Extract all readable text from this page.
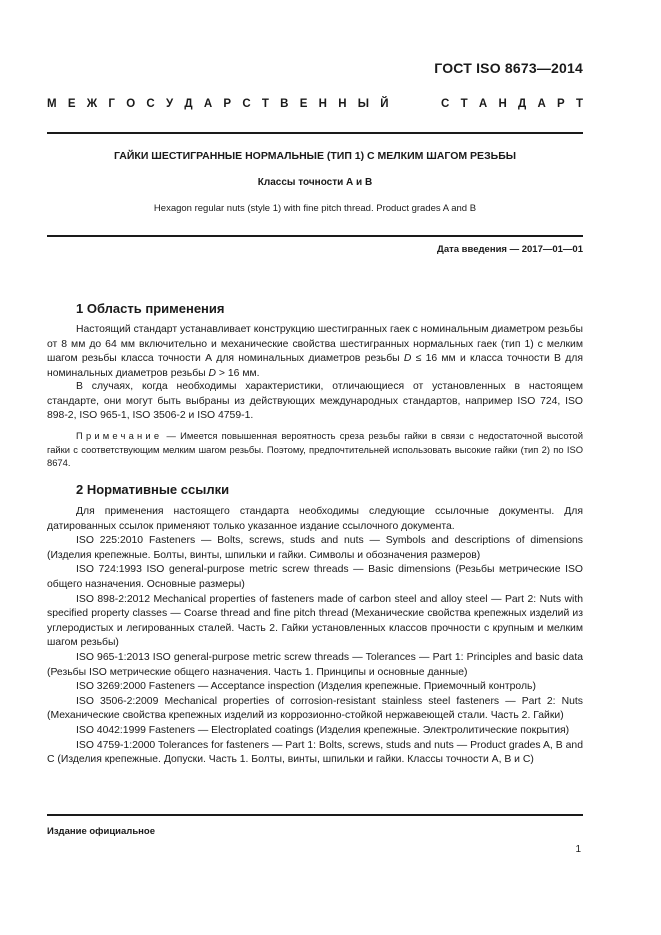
ГОСТ ISO 8673—2014
М Е Ж Г О С У Д А Р С Т В Е Н Н Ы Й	С Т А Н Д А Р Т
ГАЙКИ ШЕСТИГРАННЫЕ НОРМАЛЬНЫЕ (ТИП 1) С МЕЛКИМ ШАГОМ РЕЗЬБЫ
Классы точности А и В
Hexagon regular nuts (style 1) with fine pitch thread. Product grades A and B
Дата введения — 2017—01—01
1 Область применения

Настоящий стандарт устанавливает конструкцию шестигранных гаек с номинальным диаметром резьбы от 8 мм до 64 мм включительно и механические свойства шестигранных нормальных гаек (тип 1) с мелким шагом резьбы класса точности А для номинальных диаметров резьбы D ≤ 16 мм и класса точности В для номинальных диаметров резьбы D > 16 мм.

В случаях, когда необходимы характеристики, отличающиеся от установленных в настоящем стандарте, они могут быть выбраны из действующих международных стандартов, например ISO 724, ISO 898-2, ISO 965-1, ISO 3506-2 и ISO 4759-1.

Примечание — Имеется повышенная вероятность среза резьбы гайки в связи с недостаточной высотой гайки с соответствующим мелким шагом резьбы. Поэтому, предпочтительней использовать высокие гайки (тип 2) по ISO 8674.
2 Нормативные ссылки
Для применения настоящего стандарта необходимы следующие ссылочные документы. Для датированных ссылок применяют только указанное издание ссылочного документа.
ISO 225:2010 Fasteners — Bolts, screws, studs and nuts — Symbols and descriptions of dimensions (Изделия крепежные. Болты, винты, шпильки и гайки. Символы и обозначения размеров)
ISO 724:1993 ISO general-purpose metric screw threads — Basic dimensions (Резьбы метрические ISO общего назначения. Основные размеры)
ISO 898-2:2012 Mechanical properties of fasteners made of carbon steel and alloy steel — Part 2: Nuts with specified property classes — Coarse thread and fine pitch thread (Механические свойства крепежных изделий из углеродистых и легированных сталей. Часть 2. Гайки установленных классов прочности с крупным и мелким шагом резьбы)
ISO 965-1:2013 ISO general-purpose metric screw threads — Tolerances — Part 1: Principles and basic data (Резьбы ISO метрические общего назначения. Часть 1. Принципы и основные данные)
ISO 3269:2000 Fasteners — Acceptance inspection (Изделия крепежные. Приемочный контроль)
ISO 3506-2:2009 Mechanical properties of corrosion-resistant stainless steel fasteners — Part 2: Nuts (Механические свойства крепежных изделий из коррозионно-стойкой нержавеющей стали. Часть 2. Гайки)
ISO 4042:1999 Fasteners — Electroplated coatings (Изделия крепежные. Электролитические покрытия)
ISO 4759-1:2000 Tolerances for fasteners — Part 1: Bolts, screws, studs and nuts — Product grades A, B and C (Изделия крепежные. Допуски. Часть 1. Болты, винты, шпильки и гайки. Классы точности А, В и С)
Издание официальное
1
